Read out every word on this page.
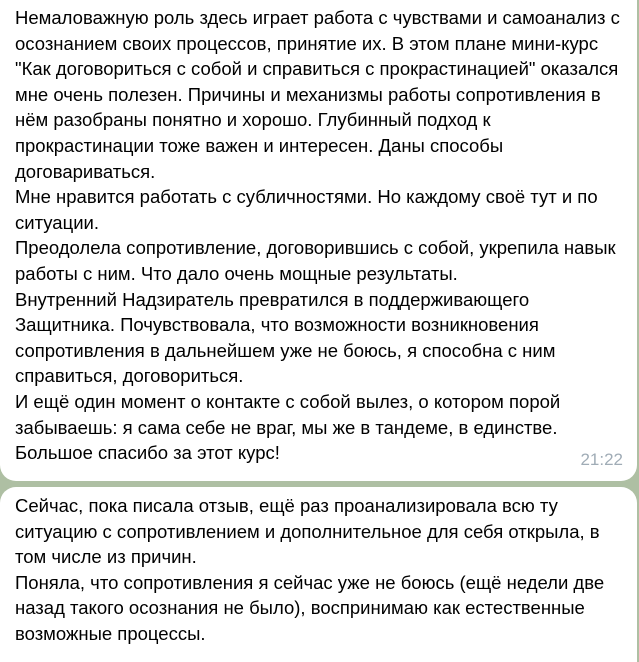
Немаловажную роль здесь играет работа с чувствами и самоанализ с осознанием своих процессов, принятие их. В этом плане мини-курс "Как договориться с собой и справиться с прокрастинацией" оказался мне очень полезен. Причины и механизмы работы сопротивления в нём разобраны понятно и хорошо. Глубинный подход к прокрастинации тоже важен и интересен. Даны способы договариваться.

Мне нравится работать с субличностями. Но каждому своё тут и по ситуации.

Преодолела сопротивление, договорившись с собой, укрепила навык работы с ним. Что дало очень мощные результаты.

Внутренний Надзиратель превратился в поддерживающего Защитника. Почувствовала, что возможности возникновения сопротивления в дальнейшем уже не боюсь, я способна с ним справиться, договориться.

И ещё один момент о контакте с собой вылез, о котором порой забываешь: я сама себе не враг, мы же в тандеме, в единстве. Большое спасибо за этот курс!	21:22

Сейчас, пока писала отзыв, ещё раз проанализировала всю ту ситуацию с сопротивлением и дополнительное для себя открыла, в том числе из причин.

Поняла, что сопротивления я сейчас уже не боюсь (ещё недели две назад такого осознания не было), воспринимаю как естественные возможные процессы.
